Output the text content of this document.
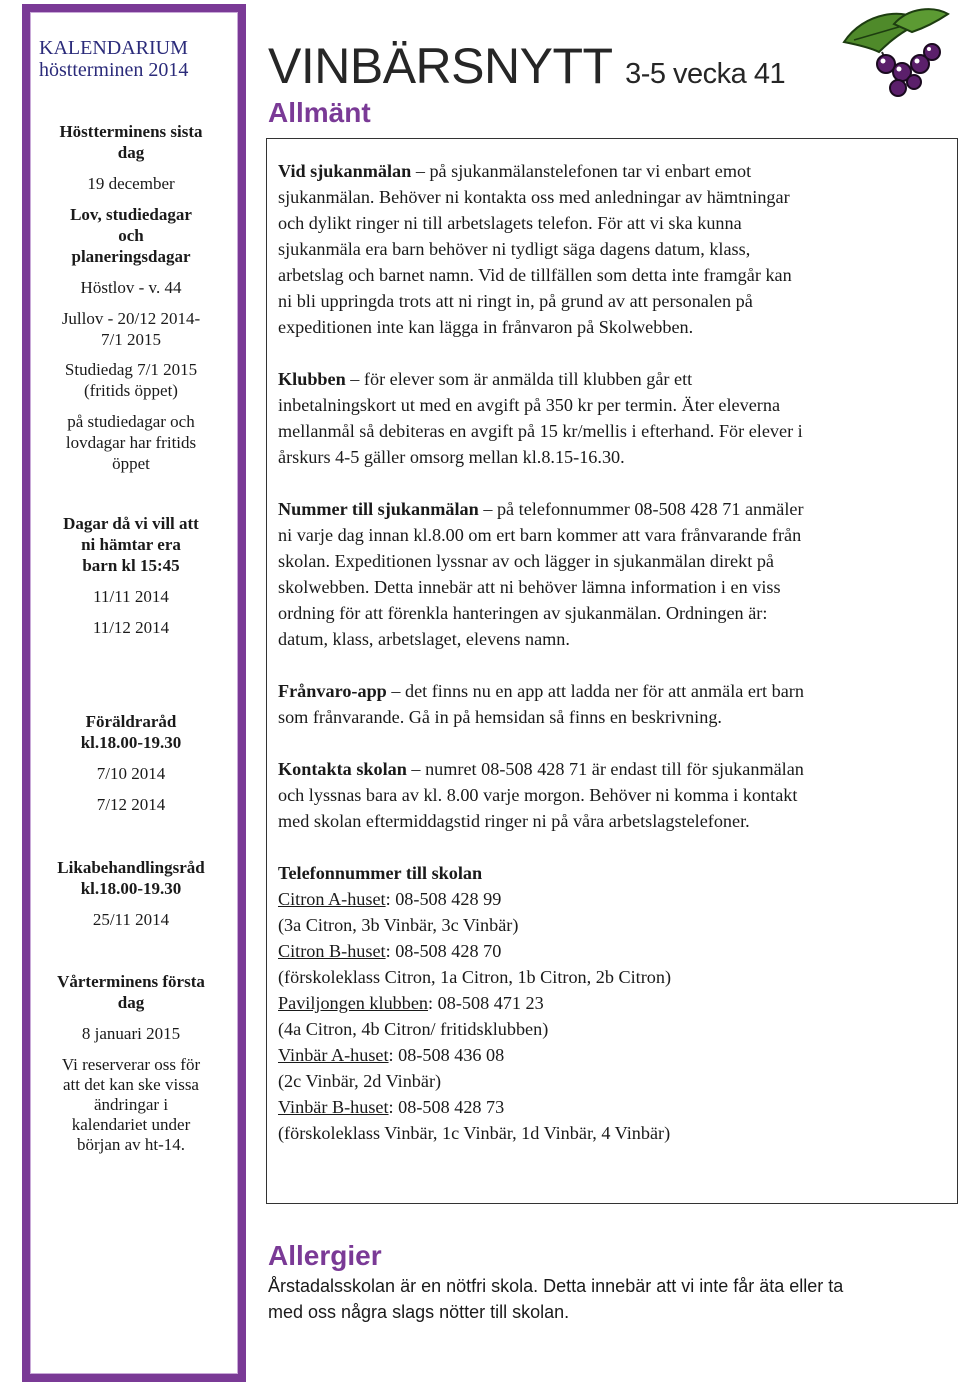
KALENDARIUM
höstterminen 2014
Höstterminens sista
dag
19 december
Lov, studiedagar
och
planeringsdagar
Höstlov - v. 44
Jullov - 20/12 2014-
7/1 2015
Studiedag 7/1 2015
(fritids öppet)
på studiedagar och
lovdagar har fritids
öppet
Dagar då vi vill att
ni hämtar era
barn kl 15:45
11/11 2014
11/12 2014
Föräldraråd
kl.18.00-19.30
7/10 2014
7/12 2014
Likabehandlingsråd
kl.18.00-19.30
25/11 2014
Vårterminens första
dag
8 januari 2015
Vi reserverar oss för
att det kan ske vissa
ändringar i
kalendariet under
början av ht-14.
VINBÄRSNYTT 3-5 vecka 41
Allmänt
Vid sjukanmälan – på sjukanmälanstelefonen tar vi enbart emot
sjukanmälan. Behöver ni kontakta oss med anledningar av hämtningar
och dylikt ringer ni till arbetslagets telefon. För att vi ska kunna
sjukanmäla era barn behöver ni tydligt säga dagens datum, klass,
arbetslag och barnet namn. Vid de tillfällen som detta inte framgår kan
ni bli uppringda trots att ni ringt in, på grund av att personalen på
expeditionen inte kan lägga in frånvaron på Skolwebben.
Klubben – för elever som är anmälda till klubben går ett
inbetalningskort ut med en avgift på 350 kr per termin. Äter eleverna
mellanmål så debiteras en avgift på 15 kr/mellis i efterhand. För elever i
årskurs 4-5 gäller omsorg mellan kl.8.15-16.30.
Nummer till sjukanmälan – på telefonnummer 08-508 428 71 anmäler
ni varje dag innan kl.8.00 om ert barn kommer att vara frånvarande från
skolan. Expeditionen lyssnar av och lägger in sjukanmälan direkt på
skolwebben. Detta innebär att ni behöver lämna information i en viss
ordning för att förenkla hanteringen av sjukanmälan. Ordningen är:
datum, klass, arbetslaget, elevens namn.
Frånvaro-app – det finns nu en app att ladda ner för att anmäla ert barn
som frånvarande. Gå in på hemsidan så finns en beskrivning.
Kontakta skolan – numret 08-508 428 71 är endast till för sjukanmälan
och lyssnas bara av kl. 8.00 varje morgon. Behöver ni komma i kontakt
med skolan eftermiddagstid ringer ni på våra arbetslagstelefoner.
Telefonnummer till skolan
Citron A-huset: 08-508 428 99
(3a Citron, 3b Vinbär, 3c Vinbär)
Citron B-huset: 08-508 428 70
(förskoleklass Citron, 1a Citron, 1b Citron, 2b Citron)
Paviljongen klubben: 08-508 471 23
(4a Citron, 4b Citron/ fritidsklubben)
Vinbär A-huset: 08-508 436 08
(2c Vinbär, 2d Vinbär)
Vinbär B-huset: 08-508 428 73
(förskoleklass Vinbär, 1c Vinbär, 1d Vinbär, 4 Vinbär)
Allergier
Årstadalsskolan är en nötfri skola. Detta innebär att vi inte får äta eller ta
med oss några slags nötter till skolan.
